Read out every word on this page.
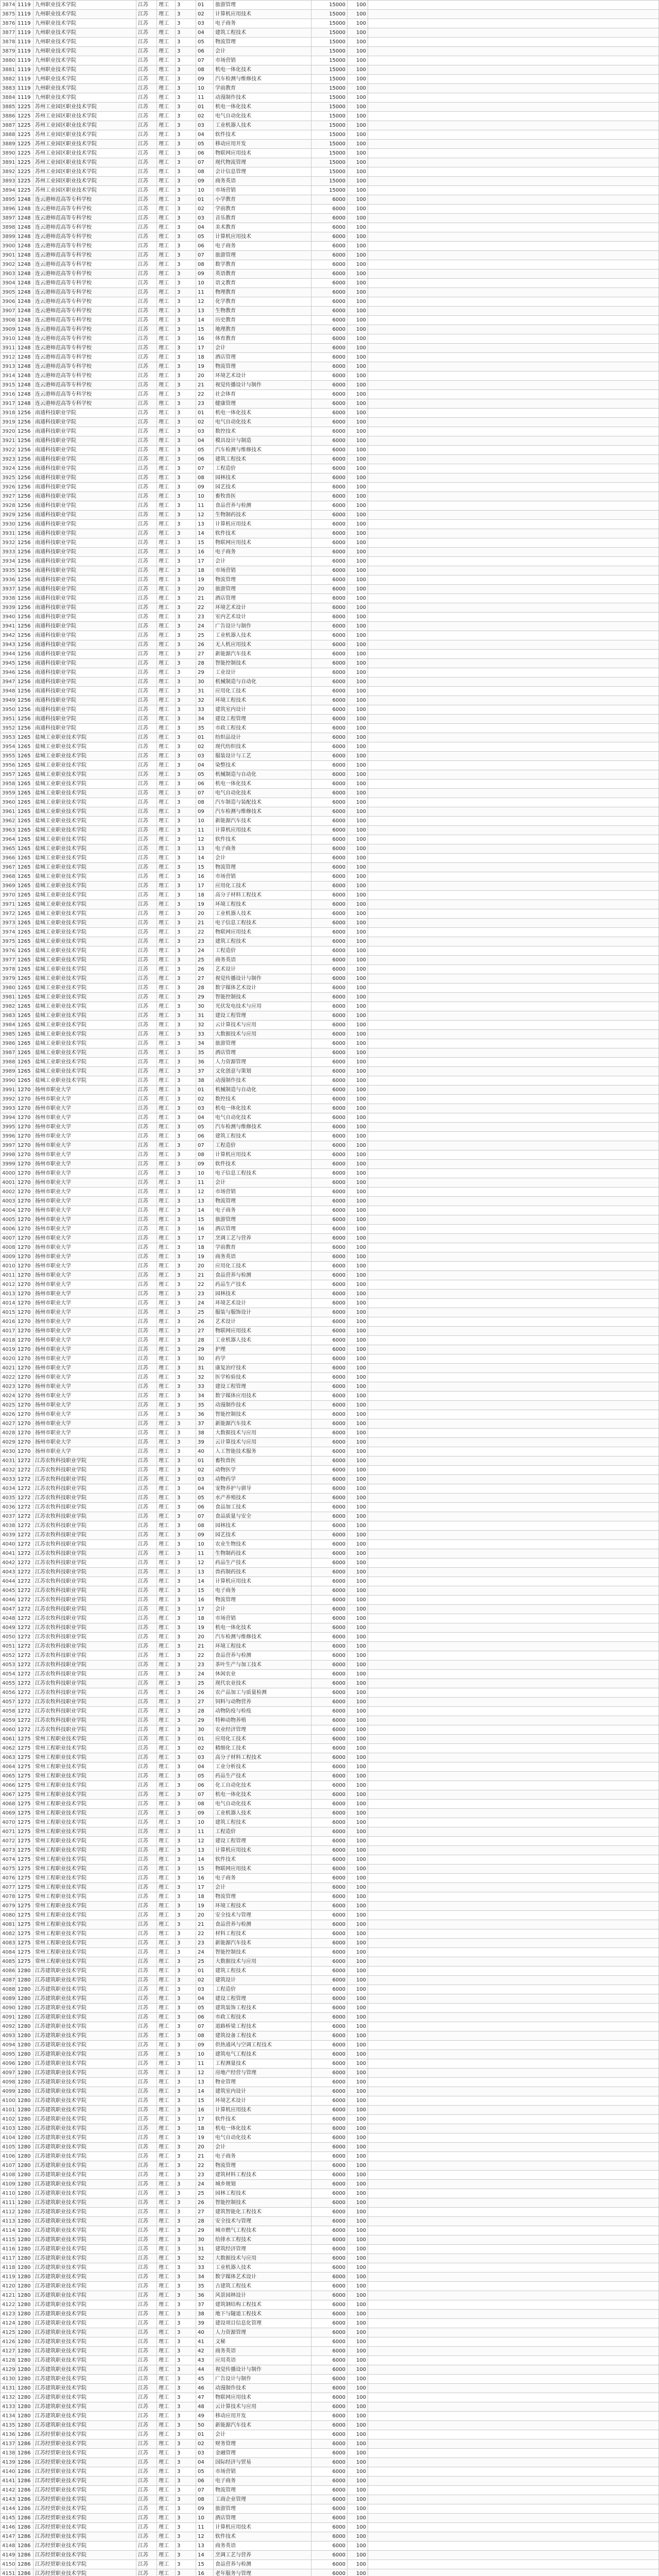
3874	1119	九州职业技术学院	江苏	理工	3	01	旅游管理	15000	100	
3875	1119	九州职业技术学院	江苏	理工	3	02	计算机应用技术	15000	100	
3876	1119	九州职业技术学院	江苏	理工	3	03	电子商务	15000	100	
3877	1119	九州职业技术学院	江苏	理工	3	04	建筑工程技术	15000	100	
3878	1119	九州职业技术学院	江苏	理工	3	05	物流管理	15000	100	
3879	1119	九州职业技术学院	江苏	理工	3	06	会计	15000	100	
3880	1119	九州职业技术学院	江苏	理工	3	07	市场营销	15000	100	
3881	1119	九州职业技术学院	江苏	理工	3	08	机电一体化技术	15000	100	
3882	1119	九州职业技术学院	江苏	理工	3	09	汽车检测与维修技术	15000	100	
3883	1119	九州职业技术学院	江苏	理工	3	10	学前教育	15000	100	
3884	1119	九州职业技术学院	江苏	理工	3	11	动漫制作技术	15000	100	
3885	1225	苏州工业园区职业技术学院	江苏	理工	3	01	机电一体化技术	15000	100	
3886	1225	苏州工业园区职业技术学院	江苏	理工	3	02	电气自动化技术	15000	100	
3887	1225	苏州工业园区职业技术学院	江苏	理工	3	03	工业机器人技术	15000	100	
3888	1225	苏州工业园区职业技术学院	江苏	理工	3	04	软件技术	15000	100	
3889	1225	苏州工业园区职业技术学院	江苏	理工	3	05	移动应用开发	15000	100	
3890	1225	苏州工业园区职业技术学院	江苏	理工	3	06	物联网应用技术	15000	100	
3891	1225	苏州工业园区职业技术学院	江苏	理工	3	07	现代物流管理	15000	100	
3892	1225	苏州工业园区职业技术学院	江苏	理工	3	08	会计信息管理	15000	100	
3893	1225	苏州工业园区职业技术学院	江苏	理工	3	09	商务英语	15000	100	
3894	1225	苏州工业园区职业技术学院	江苏	理工	3	10	市场营销	15000	100	
3895	1248	连云港师范高等专科学校	江苏	理工	3	01	小学教育	6000	100	
3896	1248	连云港师范高等专科学校	江苏	理工	3	02	学前教育	6000	100	
3897	1248	连云港师范高等专科学校	江苏	理工	3	03	音乐教育	6000	100	
3898	1248	连云港师范高等专科学校	江苏	理工	3	04	美术教育	6000	100	
3899	1248	连云港师范高等专科学校	江苏	理工	3	05	计算机应用技术	6000	100	
3900	1248	连云港师范高等专科学校	江苏	理工	3	06	电子商务	6000	100	
3901	1248	连云港师范高等专科学校	江苏	理工	3	07	旅游管理	6000	100	
3902	1248	连云港师范高等专科学校	江苏	理工	3	08	数学教育	6000	100	
3903	1248	连云港师范高等专科学校	江苏	理工	3	09	英语教育	6000	100	
3904	1248	连云港师范高等专科学校	江苏	理工	3	10	语文教育	6000	100	
3905	1248	连云港师范高等专科学校	江苏	理工	3	11	物理教育	6000	100	
3906	1248	连云港师范高等专科学校	江苏	理工	3	12	化学教育	6000	100	
3907	1248	连云港师范高等专科学校	江苏	理工	3	13	生物教育	6000	100	
3908	1248	连云港师范高等专科学校	江苏	理工	3	14	历史教育	6000	100	
3909	1248	连云港师范高等专科学校	江苏	理工	3	15	地理教育	6000	100	
3910	1248	连云港师范高等专科学校	江苏	理工	3	16	体育教育	6000	100	
3911	1248	连云港师范高等专科学校	江苏	理工	3	17	会计	6000	100	
3912	1248	连云港师范高等专科学校	江苏	理工	3	18	酒店管理	6000	100	
3913	1248	连云港师范高等专科学校	江苏	理工	3	19	物流管理	6000	100	
3914	1248	连云港师范高等专科学校	江苏	理工	3	20	环境艺术设计	6000	100	
3915	1248	连云港师范高等专科学校	江苏	理工	3	21	视觉传播设计与制作	6000	100	
3916	1248	连云港师范高等专科学校	江苏	理工	3	22	社会体育	6000	100	
3917	1248	连云港师范高等专科学校	江苏	理工	3	23	健康管理	6000	100	
3918	1256	南通科技职业学院	江苏	理工	3	01	机电一体化技术	6000	100	
3919	1256	南通科技职业学院	江苏	理工	3	02	电气自动化技术	6000	100	
3920	1256	南通科技职业学院	江苏	理工	3	03	数控技术	6000	100	
3921	1256	南通科技职业学院	江苏	理工	3	04	模具设计与制造	6000	100	
3922	1256	南通科技职业学院	江苏	理工	3	05	汽车检测与维修技术	6000	100	
3923	1256	南通科技职业学院	江苏	理工	3	06	建筑工程技术	6000	100	
3924	1256	南通科技职业学院	江苏	理工	3	07	工程造价	6000	100	
3925	1256	南通科技职业学院	江苏	理工	3	08	园林技术	6000	100	
3926	1256	南通科技职业学院	江苏	理工	3	09	园艺技术	6000	100	
3927	1256	南通科技职业学院	江苏	理工	3	10	畜牧兽医	6000	100	
3928	1256	南通科技职业学院	江苏	理工	3	11	食品营养与检测	6000	100	
3929	1256	南通科技职业学院	江苏	理工	3	12	生物制药技术	6000	100	
3930	1256	南通科技职业学院	江苏	理工	3	13	计算机应用技术	6000	100	
3931	1256	南通科技职业学院	江苏	理工	3	14	软件技术	6000	100	
3932	1256	南通科技职业学院	江苏	理工	3	15	物联网应用技术	6000	100	
3933	1256	南通科技职业学院	江苏	理工	3	16	电子商务	6000	100	
3934	1256	南通科技职业学院	江苏	理工	3	17	会计	6000	100	
3935	1256	南通科技职业学院	江苏	理工	3	18	市场营销	6000	100	
3936	1256	南通科技职业学院	江苏	理工	3	19	物流管理	6000	100	
3937	1256	南通科技职业学院	江苏	理工	3	20	旅游管理	6000	100	
3938	1256	南通科技职业学院	江苏	理工	3	21	酒店管理	6000	100	
3939	1256	南通科技职业学院	江苏	理工	3	22	环境艺术设计	6000	100	
3940	1256	南通科技职业学院	江苏	理工	3	23	室内艺术设计	6000	100	
3941	1256	南通科技职业学院	江苏	理工	3	24	广告设计与制作	6000	100	
3942	1256	南通科技职业学院	江苏	理工	3	25	工业机器人技术	6000	100	
3943	1256	南通科技职业学院	江苏	理工	3	26	无人机应用技术	6000	100	
3944	1256	南通科技职业学院	江苏	理工	3	27	新能源汽车技术	6000	100	
3945	1256	南通科技职业学院	江苏	理工	3	28	智能控制技术	6000	100	
3946	1256	南通科技职业学院	江苏	理工	3	29	工业设计	6000	100	
3947	1256	南通科技职业学院	江苏	理工	3	30	机械制造与自动化	6000	100	
3948	1256	南通科技职业学院	江苏	理工	3	31	应用化工技术	6000	100	
3949	1256	南通科技职业学院	江苏	理工	3	32	环境工程技术	6000	100	
3950	1256	南通科技职业学院	江苏	理工	3	33	建筑室内设计	6000	100	
3951	1256	南通科技职业学院	江苏	理工	3	34	建设工程管理	6000	100	
3952	1256	南通科技职业学院	江苏	理工	3	35	市政工程技术	6000	100	
3953	1265	盐城工业职业技术学院	江苏	理工	3	01	纺织品设计	6000	100	
3954	1265	盐城工业职业技术学院	江苏	理工	3	02	现代纺织技术	6000	100	
3955	1265	盐城工业职业技术学院	江苏	理工	3	03	服装设计与工艺	6000	100	
3956	1265	盐城工业职业技术学院	江苏	理工	3	04	染整技术	6000	100	
3957	1265	盐城工业职业技术学院	江苏	理工	3	05	机械制造与自动化	6000	100	
3958	1265	盐城工业职业技术学院	江苏	理工	3	06	机电一体化技术	6000	100	
3959	1265	盐城工业职业技术学院	江苏	理工	3	07	电气自动化技术	6000	100	
3960	1265	盐城工业职业技术学院	江苏	理工	3	08	汽车制造与装配技术	6000	100	
3961	1265	盐城工业职业技术学院	江苏	理工	3	09	汽车检测与维修技术	6000	100	
3962	1265	盐城工业职业技术学院	江苏	理工	3	10	新能源汽车技术	6000	100	
3963	1265	盐城工业职业技术学院	江苏	理工	3	11	计算机应用技术	6000	100	
3964	1265	盐城工业职业技术学院	江苏	理工	3	12	软件技术	6000	100	
3965	1265	盐城工业职业技术学院	江苏	理工	3	13	电子商务	6000	100	
3966	1265	盐城工业职业技术学院	江苏	理工	3	14	会计	6000	100	
3967	1265	盐城工业职业技术学院	江苏	理工	3	15	物流管理	6000	100	
3968	1265	盐城工业职业技术学院	江苏	理工	3	16	市场营销	6000	100	
3969	1265	盐城工业职业技术学院	江苏	理工	3	17	应用化工技术	6000	100	
3970	1265	盐城工业职业技术学院	江苏	理工	3	18	高分子材料工程技术	6000	100	
3971	1265	盐城工业职业技术学院	江苏	理工	3	19	环境工程技术	6000	100	
3972	1265	盐城工业职业技术学院	江苏	理工	3	20	工业机器人技术	6000	100	
3973	1265	盐城工业职业技术学院	江苏	理工	3	21	电子信息工程技术	6000	100	
3974	1265	盐城工业职业技术学院	江苏	理工	3	22	物联网应用技术	6000	100	
3975	1265	盐城工业职业技术学院	江苏	理工	3	23	建筑工程技术	6000	100	
3976	1265	盐城工业职业技术学院	江苏	理工	3	24	工程造价	6000	100	
3977	1265	盐城工业职业技术学院	江苏	理工	3	25	商务英语	6000	100	
3978	1265	盐城工业职业技术学院	江苏	理工	3	26	艺术设计	6000	100	
3979	1265	盐城工业职业技术学院	江苏	理工	3	27	视觉传播设计与制作	6000	100	
3980	1265	盐城工业职业技术学院	江苏	理工	3	28	数字媒体艺术设计	6000	100	
3981	1265	盐城工业职业技术学院	江苏	理工	3	29	智能控制技术	6000	100	
3982	1265	盐城工业职业技术学院	江苏	理工	3	30	光伏发电技术与应用	6000	100	
3983	1265	盐城工业职业技术学院	江苏	理工	3	31	建设工程管理	6000	100	
3984	1265	盐城工业职业技术学院	江苏	理工	3	32	云计算技术与应用	6000	100	
3985	1265	盐城工业职业技术学院	江苏	理工	3	33	大数据技术与应用	6000	100	
3986	1265	盐城工业职业技术学院	江苏	理工	3	34	旅游管理	6000	100	
3987	1265	盐城工业职业技术学院	江苏	理工	3	35	酒店管理	6000	100	
3988	1265	盐城工业职业技术学院	江苏	理工	3	36	人力资源管理	6000	100	
3989	1265	盐城工业职业技术学院	江苏	理工	3	37	文化创意与策划	6000	100	
3990	1265	盐城工业职业技术学院	江苏	理工	3	38	动漫制作技术	6000	100	
3991	1270	扬州市职业大学	江苏	理工	3	01	机械制造与自动化	6000	100	
3992	1270	扬州市职业大学	江苏	理工	3	02	数控技术	6000	100	
3993	1270	扬州市职业大学	江苏	理工	3	03	机电一体化技术	6000	100	
3994	1270	扬州市职业大学	江苏	理工	3	04	电气自动化技术	6000	100	
3995	1270	扬州市职业大学	江苏	理工	3	05	汽车检测与维修技术	6000	100	
3996	1270	扬州市职业大学	江苏	理工	3	06	建筑工程技术	6000	100	
3997	1270	扬州市职业大学	江苏	理工	3	07	工程造价	6000	100	
3998	1270	扬州市职业大学	江苏	理工	3	08	计算机应用技术	6000	100	
3999	1270	扬州市职业大学	江苏	理工	3	09	软件技术	6000	100	
4000	1270	扬州市职业大学	江苏	理工	3	10	电子信息工程技术	6000	100	
4001	1270	扬州市职业大学	江苏	理工	3	11	会计	6000	100	
4002	1270	扬州市职业大学	江苏	理工	3	12	市场营销	6000	100	
4003	1270	扬州市职业大学	江苏	理工	3	13	物流管理	6000	100	
4004	1270	扬州市职业大学	江苏	理工	3	14	电子商务	6000	100	
4005	1270	扬州市职业大学	江苏	理工	3	15	旅游管理	6000	100	
4006	1270	扬州市职业大学	江苏	理工	3	16	酒店管理	6000	100	
4007	1270	扬州市职业大学	江苏	理工	3	17	烹调工艺与营养	6000	100	
4008	1270	扬州市职业大学	江苏	理工	3	18	学前教育	6000	100	
4009	1270	扬州市职业大学	江苏	理工	3	19	商务英语	6000	100	
4010	1270	扬州市职业大学	江苏	理工	3	20	应用化工技术	6000	100	
4011	1270	扬州市职业大学	江苏	理工	3	21	食品营养与检测	6000	100	
4012	1270	扬州市职业大学	江苏	理工	3	22	药品生产技术	6000	100	
4013	1270	扬州市职业大学	江苏	理工	3	23	园林技术	6000	100	
4014	1270	扬州市职业大学	江苏	理工	3	24	环境艺术设计	6000	100	
4015	1270	扬州市职业大学	江苏	理工	3	25	服装与服饰设计	6000	100	
4016	1270	扬州市职业大学	江苏	理工	3	26	艺术设计	6000	100	
4017	1270	扬州市职业大学	江苏	理工	3	27	物联网应用技术	6000	100	
4018	1270	扬州市职业大学	江苏	理工	3	28	工业机器人技术	6000	100	
4019	1270	扬州市职业大学	江苏	理工	3	29	护理	6000	100	
4020	1270	扬州市职业大学	江苏	理工	3	30	药学	6000	100	
4021	1270	扬州市职业大学	江苏	理工	3	31	康复治疗技术	6000	100	
4022	1270	扬州市职业大学	江苏	理工	3	32	医学检验技术	6000	100	
4023	1270	扬州市职业大学	江苏	理工	3	33	建设工程管理	6000	100	
4024	1270	扬州市职业大学	江苏	理工	3	34	数字媒体应用技术	6000	100	
4025	1270	扬州市职业大学	江苏	理工	3	35	动漫制作技术	6000	100	
4026	1270	扬州市职业大学	江苏	理工	3	36	智能控制技术	6000	100	
4027	1270	扬州市职业大学	江苏	理工	3	37	新能源汽车技术	6000	100	
4028	1270	扬州市职业大学	江苏	理工	3	38	大数据技术与应用	6000	100	
4029	1270	扬州市职业大学	江苏	理工	3	39	云计算技术与应用	6000	100	
4030	1270	扬州市职业大学	江苏	理工	3	40	人工智能技术服务	6000	100	
4031	1272	江苏农牧科技职业学院	江苏	理工	3	01	畜牧兽医	6000	100	
4032	1272	江苏农牧科技职业学院	江苏	理工	3	02	动物医学	6000	100	
4033	1272	江苏农牧科技职业学院	江苏	理工	3	03	动物药学	6000	100	
4034	1272	江苏农牧科技职业学院	江苏	理工	3	04	宠物养护与驯导	6000	100	
4035	1272	江苏农牧科技职业学院	江苏	理工	3	05	水产养殖技术	6000	100	
4036	1272	江苏农牧科技职业学院	江苏	理工	3	06	食品加工技术	6000	100	
4037	1272	江苏农牧科技职业学院	江苏	理工	3	07	食品质量与安全	6000	100	
4038	1272	江苏农牧科技职业学院	江苏	理工	3	08	园林技术	6000	100	
4039	1272	江苏农牧科技职业学院	江苏	理工	3	09	园艺技术	6000	100	
4040	1272	江苏农牧科技职业学院	江苏	理工	3	10	农业生物技术	6000	100	
4041	1272	江苏农牧科技职业学院	江苏	理工	3	11	生物制药技术	6000	100	
4042	1272	江苏农牧科技职业学院	江苏	理工	3	12	药品生产技术	6000	100	
4043	1272	江苏农牧科技职业学院	江苏	理工	3	13	兽药制药技术	6000	100	
4044	1272	江苏农牧科技职业学院	江苏	理工	3	14	计算机应用技术	6000	100	
4045	1272	江苏农牧科技职业学院	江苏	理工	3	15	电子商务	6000	100	
4046	1272	江苏农牧科技职业学院	江苏	理工	3	16	物流管理	6000	100	
4047	1272	江苏农牧科技职业学院	江苏	理工	3	17	会计	6000	100	
4048	1272	江苏农牧科技职业学院	江苏	理工	3	18	市场营销	6000	100	
4049	1272	江苏农牧科技职业学院	江苏	理工	3	19	机电一体化技术	6000	100	
4050	1272	江苏农牧科技职业学院	江苏	理工	3	20	汽车检测与维修技术	6000	100	
4051	1272	江苏农牧科技职业学院	江苏	理工	3	21	环境工程技术	6000	100	
4052	1272	江苏农牧科技职业学院	江苏	理工	3	22	食品营养与检测	6000	100	
4053	1272	江苏农牧科技职业学院	江苏	理工	3	23	茶叶生产与加工技术	6000	100	
4054	1272	江苏农牧科技职业学院	江苏	理工	3	24	休闲农业	6000	100	
4055	1272	江苏农牧科技职业学院	江苏	理工	3	25	现代农业技术	6000	100	
4056	1272	江苏农牧科技职业学院	江苏	理工	3	26	农产品加工与质量检测	6000	100	
4057	1272	江苏农牧科技职业学院	江苏	理工	3	27	饲料与动物营养	6000	100	
4058	1272	江苏农牧科技职业学院	江苏	理工	3	28	动物防疫与检疫	6000	100	
4059	1272	江苏农牧科技职业学院	江苏	理工	3	29	特种动物养殖	6000	100	
4060	1272	江苏农牧科技职业学院	江苏	理工	3	30	农业经济管理	6000	100	
4061	1275	常州工程职业技术学院	江苏	理工	3	01	应用化工技术	6000	100	
4062	1275	常州工程职业技术学院	江苏	理工	3	02	精细化工技术	6000	100	
4063	1275	常州工程职业技术学院	江苏	理工	3	03	高分子材料工程技术	6000	100	
4064	1275	常州工程职业技术学院	江苏	理工	3	04	工业分析技术	6000	100	
4065	1275	常州工程职业技术学院	江苏	理工	3	05	药品生产技术	6000	100	
4066	1275	常州工程职业技术学院	江苏	理工	3	06	化工自动化技术	6000	100	
4067	1275	常州工程职业技术学院	江苏	理工	3	07	机电一体化技术	6000	100	
4068	1275	常州工程职业技术学院	江苏	理工	3	08	电气自动化技术	6000	100	
4069	1275	常州工程职业技术学院	江苏	理工	3	09	工业机器人技术	6000	100	
4070	1275	常州工程职业技术学院	江苏	理工	3	10	建筑工程技术	6000	100	
4071	1275	常州工程职业技术学院	江苏	理工	3	11	工程造价	6000	100	
4072	1275	常州工程职业技术学院	江苏	理工	3	12	建设工程管理	6000	100	
4073	1275	常州工程职业技术学院	江苏	理工	3	13	计算机应用技术	6000	100	
4074	1275	常州工程职业技术学院	江苏	理工	3	14	软件技术	6000	100	
4075	1275	常州工程职业技术学院	江苏	理工	3	15	物联网应用技术	6000	100	
4076	1275	常州工程职业技术学院	江苏	理工	3	16	电子商务	6000	100	
4077	1275	常州工程职业技术学院	江苏	理工	3	17	会计	6000	100	
4078	1275	常州工程职业技术学院	江苏	理工	3	18	物流管理	6000	100	
4079	1275	常州工程职业技术学院	江苏	理工	3	19	环境工程技术	6000	100	
4080	1275	常州工程职业技术学院	江苏	理工	3	20	安全技术与管理	6000	100	
4081	1275	常州工程职业技术学院	江苏	理工	3	21	食品营养与检测	6000	100	
4082	1275	常州工程职业技术学院	江苏	理工	3	22	材料工程技术	6000	100	
4083	1275	常州工程职业技术学院	江苏	理工	3	23	新能源汽车技术	6000	100	
4084	1275	常州工程职业技术学院	江苏	理工	3	24	智能控制技术	6000	100	
4085	1275	常州工程职业技术学院	江苏	理工	3	25	大数据技术与应用	6000	100	
4086	1280	江苏建筑职业技术学院	江苏	理工	3	01	建筑工程技术	6000	100	
4087	1280	江苏建筑职业技术学院	江苏	理工	3	02	建筑设计	6000	100	
4088	1280	江苏建筑职业技术学院	江苏	理工	3	03	工程造价	6000	100	
4089	1280	江苏建筑职业技术学院	江苏	理工	3	04	建设工程管理	6000	100	
4090	1280	江苏建筑职业技术学院	江苏	理工	3	05	建筑装饰工程技术	6000	100	
4091	1280	江苏建筑职业技术学院	江苏	理工	3	06	市政工程技术	6000	100	
4092	1280	江苏建筑职业技术学院	江苏	理工	3	07	道路桥梁工程技术	6000	100	
4093	1280	江苏建筑职业技术学院	江苏	理工	3	08	建筑设备工程技术	6000	100	
4094	1280	江苏建筑职业技术学院	江苏	理工	3	09	供热通风与空调工程技术	6000	100	
4095	1280	江苏建筑职业技术学院	江苏	理工	3	10	建筑电气工程技术	6000	100	
4096	1280	江苏建筑职业技术学院	江苏	理工	3	11	工程测量技术	6000	100	
4097	1280	江苏建筑职业技术学院	江苏	理工	3	12	房地产经营与管理	6000	100	
4098	1280	江苏建筑职业技术学院	江苏	理工	3	13	物业管理	6000	100	
4099	1280	江苏建筑职业技术学院	江苏	理工	3	14	建筑室内设计	6000	100	
4100	1280	江苏建筑职业技术学院	江苏	理工	3	15	环境艺术设计	6000	100	
4101	1280	江苏建筑职业技术学院	江苏	理工	3	16	计算机应用技术	6000	100	
4102	1280	江苏建筑职业技术学院	江苏	理工	3	17	软件技术	6000	100	
4103	1280	江苏建筑职业技术学院	江苏	理工	3	18	机电一体化技术	6000	100	
4104	1280	江苏建筑职业技术学院	江苏	理工	3	19	电气自动化技术	6000	100	
4105	1280	江苏建筑职业技术学院	江苏	理工	3	20	会计	6000	100	
4106	1280	江苏建筑职业技术学院	江苏	理工	3	21	电子商务	6000	100	
4107	1280	江苏建筑职业技术学院	江苏	理工	3	22	物流管理	6000	100	
4108	1280	江苏建筑职业技术学院	江苏	理工	3	23	建筑材料工程技术	6000	100	
4109	1280	江苏建筑职业技术学院	江苏	理工	3	24	城乡规划	6000	100	
4110	1280	江苏建筑职业技术学院	江苏	理工	3	25	园林工程技术	6000	100	
4111	1280	江苏建筑职业技术学院	江苏	理工	3	26	智能控制技术	6000	100	
4112	1280	江苏建筑职业技术学院	江苏	理工	3	27	建筑智能化工程技术	6000	100	
4113	1280	江苏建筑职业技术学院	江苏	理工	3	28	安全技术与管理	6000	100	
4114	1280	江苏建筑职业技术学院	江苏	理工	3	29	城市燃气工程技术	6000	100	
4115	1280	江苏建筑职业技术学院	江苏	理工	3	30	给排水工程技术	6000	100	
4116	1280	江苏建筑职业技术学院	江苏	理工	3	31	建筑经济管理	6000	100	
4117	1280	江苏建筑职业技术学院	江苏	理工	3	32	大数据技术与应用	6000	100	
4118	1280	江苏建筑职业技术学院	江苏	理工	3	33	工业机器人技术	6000	100	
4119	1280	江苏建筑职业技术学院	江苏	理工	3	34	数字媒体艺术设计	6000	100	
4120	1280	江苏建筑职业技术学院	江苏	理工	3	35	古建筑工程技术	6000	100	
4121	1280	江苏建筑职业技术学院	江苏	理工	3	36	风景园林设计	6000	100	
4122	1280	江苏建筑职业技术学院	江苏	理工	3	37	建筑钢结构工程技术	6000	100	
4123	1280	江苏建筑职业技术学院	江苏	理工	3	38	地下与隧道工程技术	6000	100	
4124	1280	江苏建筑职业技术学院	江苏	理工	3	39	建设项目信息化管理	6000	100	
4125	1280	江苏建筑职业技术学院	江苏	理工	3	40	人力资源管理	6000	100	
4126	1280	江苏建筑职业技术学院	江苏	理工	3	41	文秘	6000	100	
4127	1280	江苏建筑职业技术学院	江苏	理工	3	42	商务英语	6000	100	
4128	1280	江苏建筑职业技术学院	江苏	理工	3	43	应用英语	6000	100	
4129	1280	江苏建筑职业技术学院	江苏	理工	3	44	视觉传播设计与制作	6000	100	
4130	1280	江苏建筑职业技术学院	江苏	理工	3	45	广告设计与制作	6000	100	
4131	1280	江苏建筑职业技术学院	江苏	理工	3	46	动漫制作技术	6000	100	
4132	1280	江苏建筑职业技术学院	江苏	理工	3	47	物联网应用技术	6000	100	
4133	1280	江苏建筑职业技术学院	江苏	理工	3	48	云计算技术与应用	6000	100	
4134	1280	江苏建筑职业技术学院	江苏	理工	3	49	移动应用开发	6000	100	
4135	1280	江苏建筑职业技术学院	江苏	理工	3	50	新能源汽车技术	6000	100	
4136	1286	江苏经贸职业技术学院	江苏	理工	3	01	会计	6000	100	
4137	1286	江苏经贸职业技术学院	江苏	理工	3	02	财务管理	6000	100	
4138	1286	江苏经贸职业技术学院	江苏	理工	3	03	金融管理	6000	100	
4139	1286	江苏经贸职业技术学院	江苏	理工	3	04	国际经济与贸易	6000	100	
4140	1286	江苏经贸职业技术学院	江苏	理工	3	05	市场营销	6000	100	
4141	1286	江苏经贸职业技术学院	江苏	理工	3	06	电子商务	6000	100	
4142	1286	江苏经贸职业技术学院	江苏	理工	3	07	物流管理	6000	100	
4143	1286	江苏经贸职业技术学院	江苏	理工	3	08	工商企业管理	6000	100	
4144	1286	江苏经贸职业技术学院	江苏	理工	3	09	旅游管理	6000	100	
4145	1286	江苏经贸职业技术学院	江苏	理工	3	10	酒店管理	6000	100	
4146	1286	江苏经贸职业技术学院	江苏	理工	3	11	计算机应用技术	6000	100	
4147	1286	江苏经贸职业技术学院	江苏	理工	3	12	软件技术	6000	100	
4148	1286	江苏经贸职业技术学院	江苏	理工	3	13	商务英语	6000	100	
4149	1286	江苏经贸职业技术学院	江苏	理工	3	14	烹调工艺与营养	6000	100	
4150	1286	江苏经贸职业技术学院	江苏	理工	3	15	食品营养与检测	6000	100	
4151	1286	江苏经贸职业技术学院	江苏	理工	3	16	老年服务与管理	6000	100	
